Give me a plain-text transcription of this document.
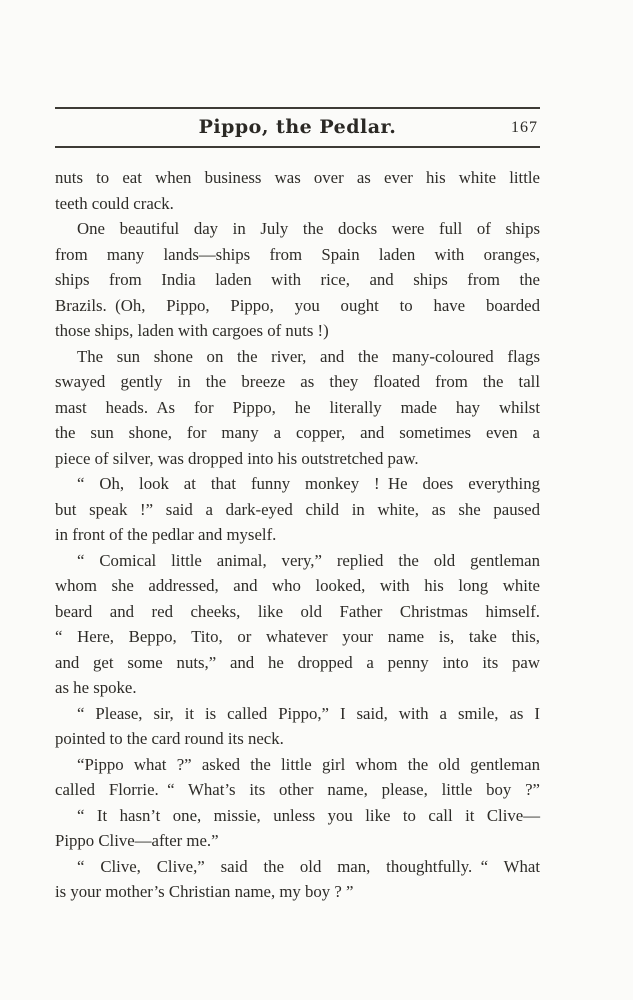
Pippo, the Pedlar.	167
nuts to eat when business was over as ever his white little
teeth could crack.
One beautiful day in July the docks were full of ships
from many lands—ships from Spain laden with oranges,
ships from India laden with rice, and ships from the
Brazils. (Oh, Pippo, Pippo, you ought to have boarded
those ships, laden with cargoes of nuts !)
The sun shone on the river, and the many-coloured flags
swayed gently in the breeze as they floated from the tall
mast heads. As for Pippo, he literally made hay whilst
the sun shone, for many a copper, and sometimes even a
piece of silver, was dropped into his outstretched paw.
“ Oh, look at that funny monkey ! He does everything
but speak !” said a dark-eyed child in white, as she paused
in front of the pedlar and myself.
“ Comical little animal, very,” replied the old gentleman
whom she addressed, and who looked, with his long white
beard and red cheeks, like old Father Christmas himself.
“ Here, Beppo, Tito, or whatever your name is, take this,
and get some nuts,” and he dropped a penny into its paw
as he spoke.
“ Please, sir, it is called Pippo,” I said, with a smile, as I
pointed to the card round its neck.
“Pippo what ?” asked the little girl whom the old gentleman
called Florrie. “ What’s its other name, please, little boy ?”
“ It hasn’t one, missie, unless you like to call it Clive—
Pippo Clive—after me.”
“ Clive, Clive,” said the old man, thoughtfully. “ What
is your mother’s Christian name, my boy ? ”
